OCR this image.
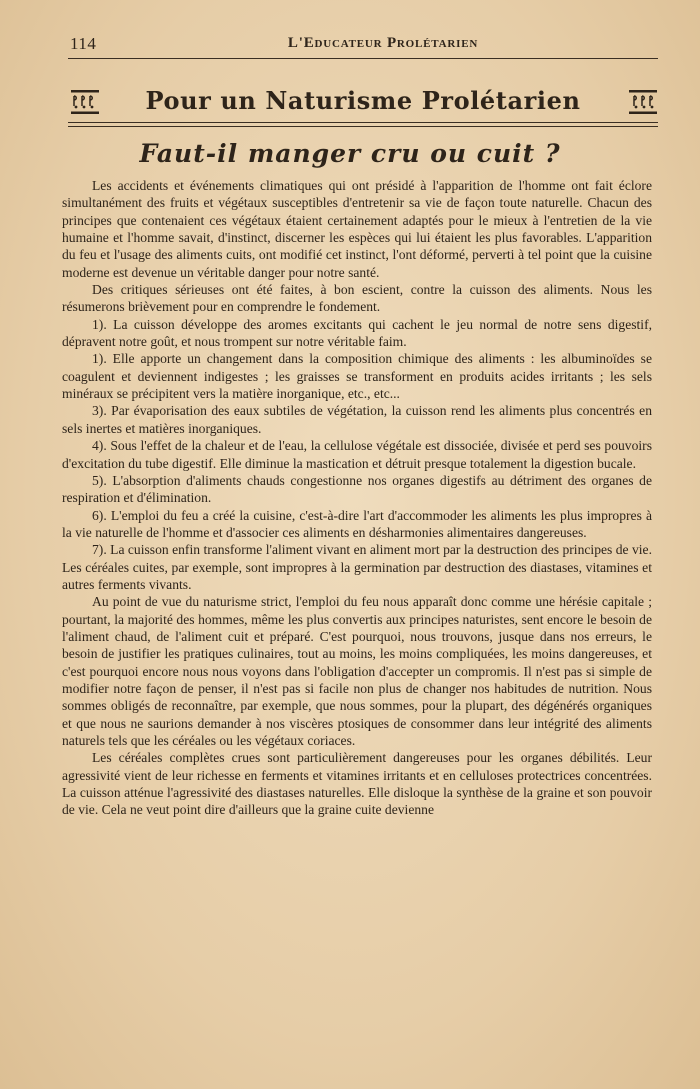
114	L'Educateur Prolétarien
Pour un Naturisme Prolétarien
Faut-il manger cru ou cuit ?

Les accidents et événements climatiques qui ont présidé à l'apparition de l'homme ont fait éclore simultanément des fruits et végétaux susceptibles d'entretenir sa vie de façon toute naturelle. Chacun des principes que contenaient ces végétaux étaient certainement adaptés pour le mieux à l'entretien de la vie humaine et l'homme savait, d'instinct, discerner les espèces qui lui étaient les plus favorables. L'apparition du feu et l'usage des aliments cuits, ont modifié cet instinct, l'ont déformé, perverti à tel point que la cuisine moderne est devenue un véritable danger pour notre santé.

Des critiques sérieuses ont été faites, à bon escient, contre la cuisson des aliments. Nous les résumerons brièvement pour en comprendre le fondement.

1). La cuisson développe des aromes excitants qui cachent le jeu normal de notre sens digestif, dépravent notre goût, et nous trompent sur notre véritable faim.

1). Elle apporte un changement dans la composition chimique des aliments : les albuminoïdes se coagulent et deviennent indigestes ; les graisses se transforment en produits acides irritants ; les sels minéraux se précipitent vers la matière inorganique, etc., etc...

3). Par évaporisation des eaux subtiles de végétation, la cuisson rend les aliments plus concentrés en sels inertes et matières inorganiques.

4). Sous l'effet de la chaleur et de l'eau, la cellulose végétale est dissociée, divisée et perd ses pouvoirs d'excitation du tube digestif. Elle diminue la mastication et détruit presque totalement la digestion bucale.

5). L'absorption d'aliments chauds congestionne nos organes digestifs au détriment des organes de respiration et d'élimination.

6). L'emploi du feu a créé la cuisine, c'est-à-dire l'art d'accommoder les aliments les plus impropres à la vie naturelle de l'homme et d'associer ces aliments en désharmonies alimentaires dangereuses.

7). La cuisson enfin transforme l'aliment vivant en aliment mort par la destruction des principes de vie. Les céréales cuites, par exemple, sont impropres à la germination par destruction des diastases, vitamines et autres ferments vivants.

Au point de vue du naturisme strict, l'emploi du feu nous apparaît donc comme une hérésie capitale ; pourtant, la majorité des hommes, même les plus convertis aux principes naturistes, sent encore le besoin de l'aliment chaud, de l'aliment cuit et préparé. C'est pourquoi, nous trouvons, jusque dans nos erreurs, le besoin de justifier les pratiques culinaires, tout au moins, les moins compliquées, les moins dangereuses, et c'est pourquoi encore nous nous voyons dans l'obligation d'accepter un compromis. Il n'est pas si simple de modifier notre façon de penser, il n'est pas si facile non plus de changer nos habitudes de nutrition. Nous sommes obligés de reconnaître, par exemple, que nous sommes, pour la plupart, des dégénérés organiques et que nous ne saurions demander à nos viscères ptosiques de consommer dans leur intégrité des aliments naturels tels que les céréales ou les végétaux coriaces.

Les céréales complètes crues sont particulièrement dangereuses pour les organes débilités. Leur agressivité vient de leur richesse en ferments et vitamines irritants et en celluloses protectrices concentrées. La cuisson atténue l'agressivité des diastases naturelles. Elle disloque la synthèse de la graine et son pouvoir de vie. Cela ne veut point dire d'ailleurs que la graine cuite devienne
